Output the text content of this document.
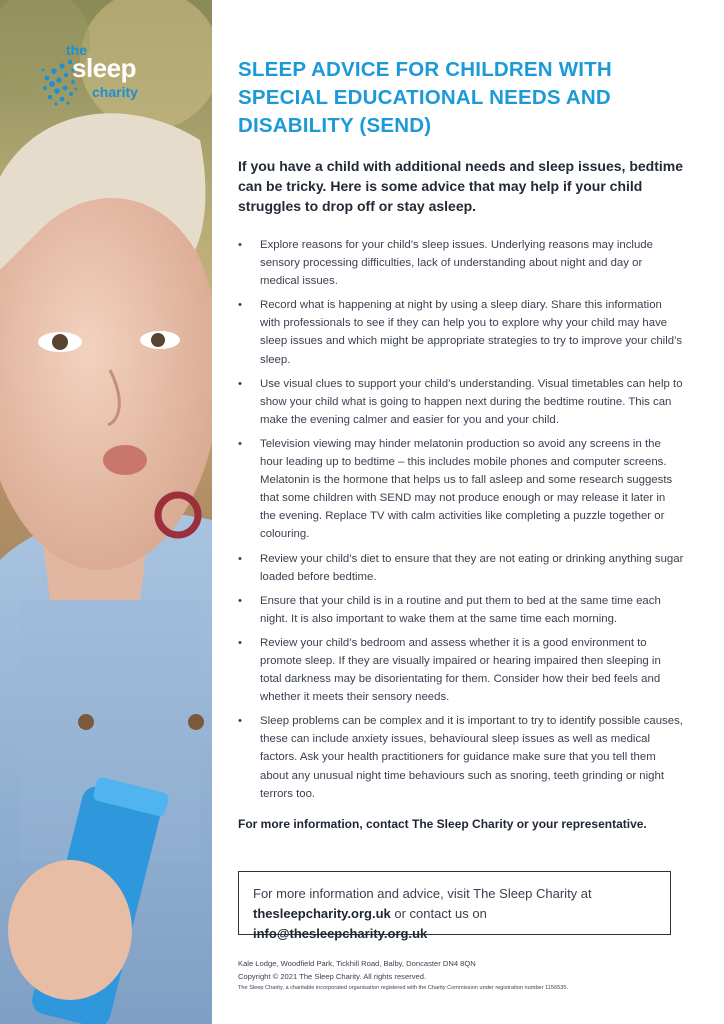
the
sleep
charity
SLEEP ADVICE FOR CHILDREN WITH
SPECIAL EDUCATIONAL NEEDS AND
DISABILITY (SEND)
If you have a child with additional needs and sleep issues, bedtime can be tricky. Here is some advice that may help if your child struggles to drop off or stay asleep.
• Explore reasons for your child’s sleep issues. Underlying reasons may include sensory processing difficulties, lack of understanding about night and day or medical issues.
• Record what is happening at night by using a sleep diary. Share this information with professionals to see if they can help you to explore why your child may have sleep issues and which might be appropriate strategies to try to improve your child’s sleep.
• Use visual clues to support your child’s understanding. Visual timetables can help to show your child what is going to happen next during the bedtime routine. This can make the evening calmer and easier for you and your child.
• Television viewing may hinder melatonin production so avoid any screens in the hour leading up to bedtime – this includes mobile phones and computer screens. Melatonin is the hormone that helps us to fall asleep and some research suggests that some children with SEND may not produce enough or may release it later in the evening. Replace TV with calm activities like completing a puzzle together or colouring.
• Review your child’s diet to ensure that they are not eating or drinking anything sugar loaded before bedtime.
• Ensure that your child is in a routine and put them to bed at the same time each night. It is also important to wake them at the same time each morning.
• Review your child’s bedroom and assess whether it is a good environment to promote sleep. If they are visually impaired or hearing impaired then sleeping in total darkness may be disorientating for them. Consider how their bed feels and whether it meets their sensory needs.
• Sleep problems can be complex and it is important to try to identify possible causes, these can include anxiety issues, behavioural sleep issues as well as medical factors. Ask your health practitioners for guidance make sure that you tell them about any unusual night time behaviours such as snoring, teeth grinding or night terrors too.
For more information, contact The Sleep Charity or your representative.
For more information and advice, visit The Sleep Charity at
thesleepcharity.org.uk or contact us on info@thesleepcharity.org.uk
Kale Lodge, Woodfield Park, Tickhill Road, Balby, Doncaster DN4 8QN
Copyright © 2021 The Sleep Charity. All rights reserved.
The Sleep Charity, a charitable incorporated organisation registered with the Charity Commission under registration number 1156535.
